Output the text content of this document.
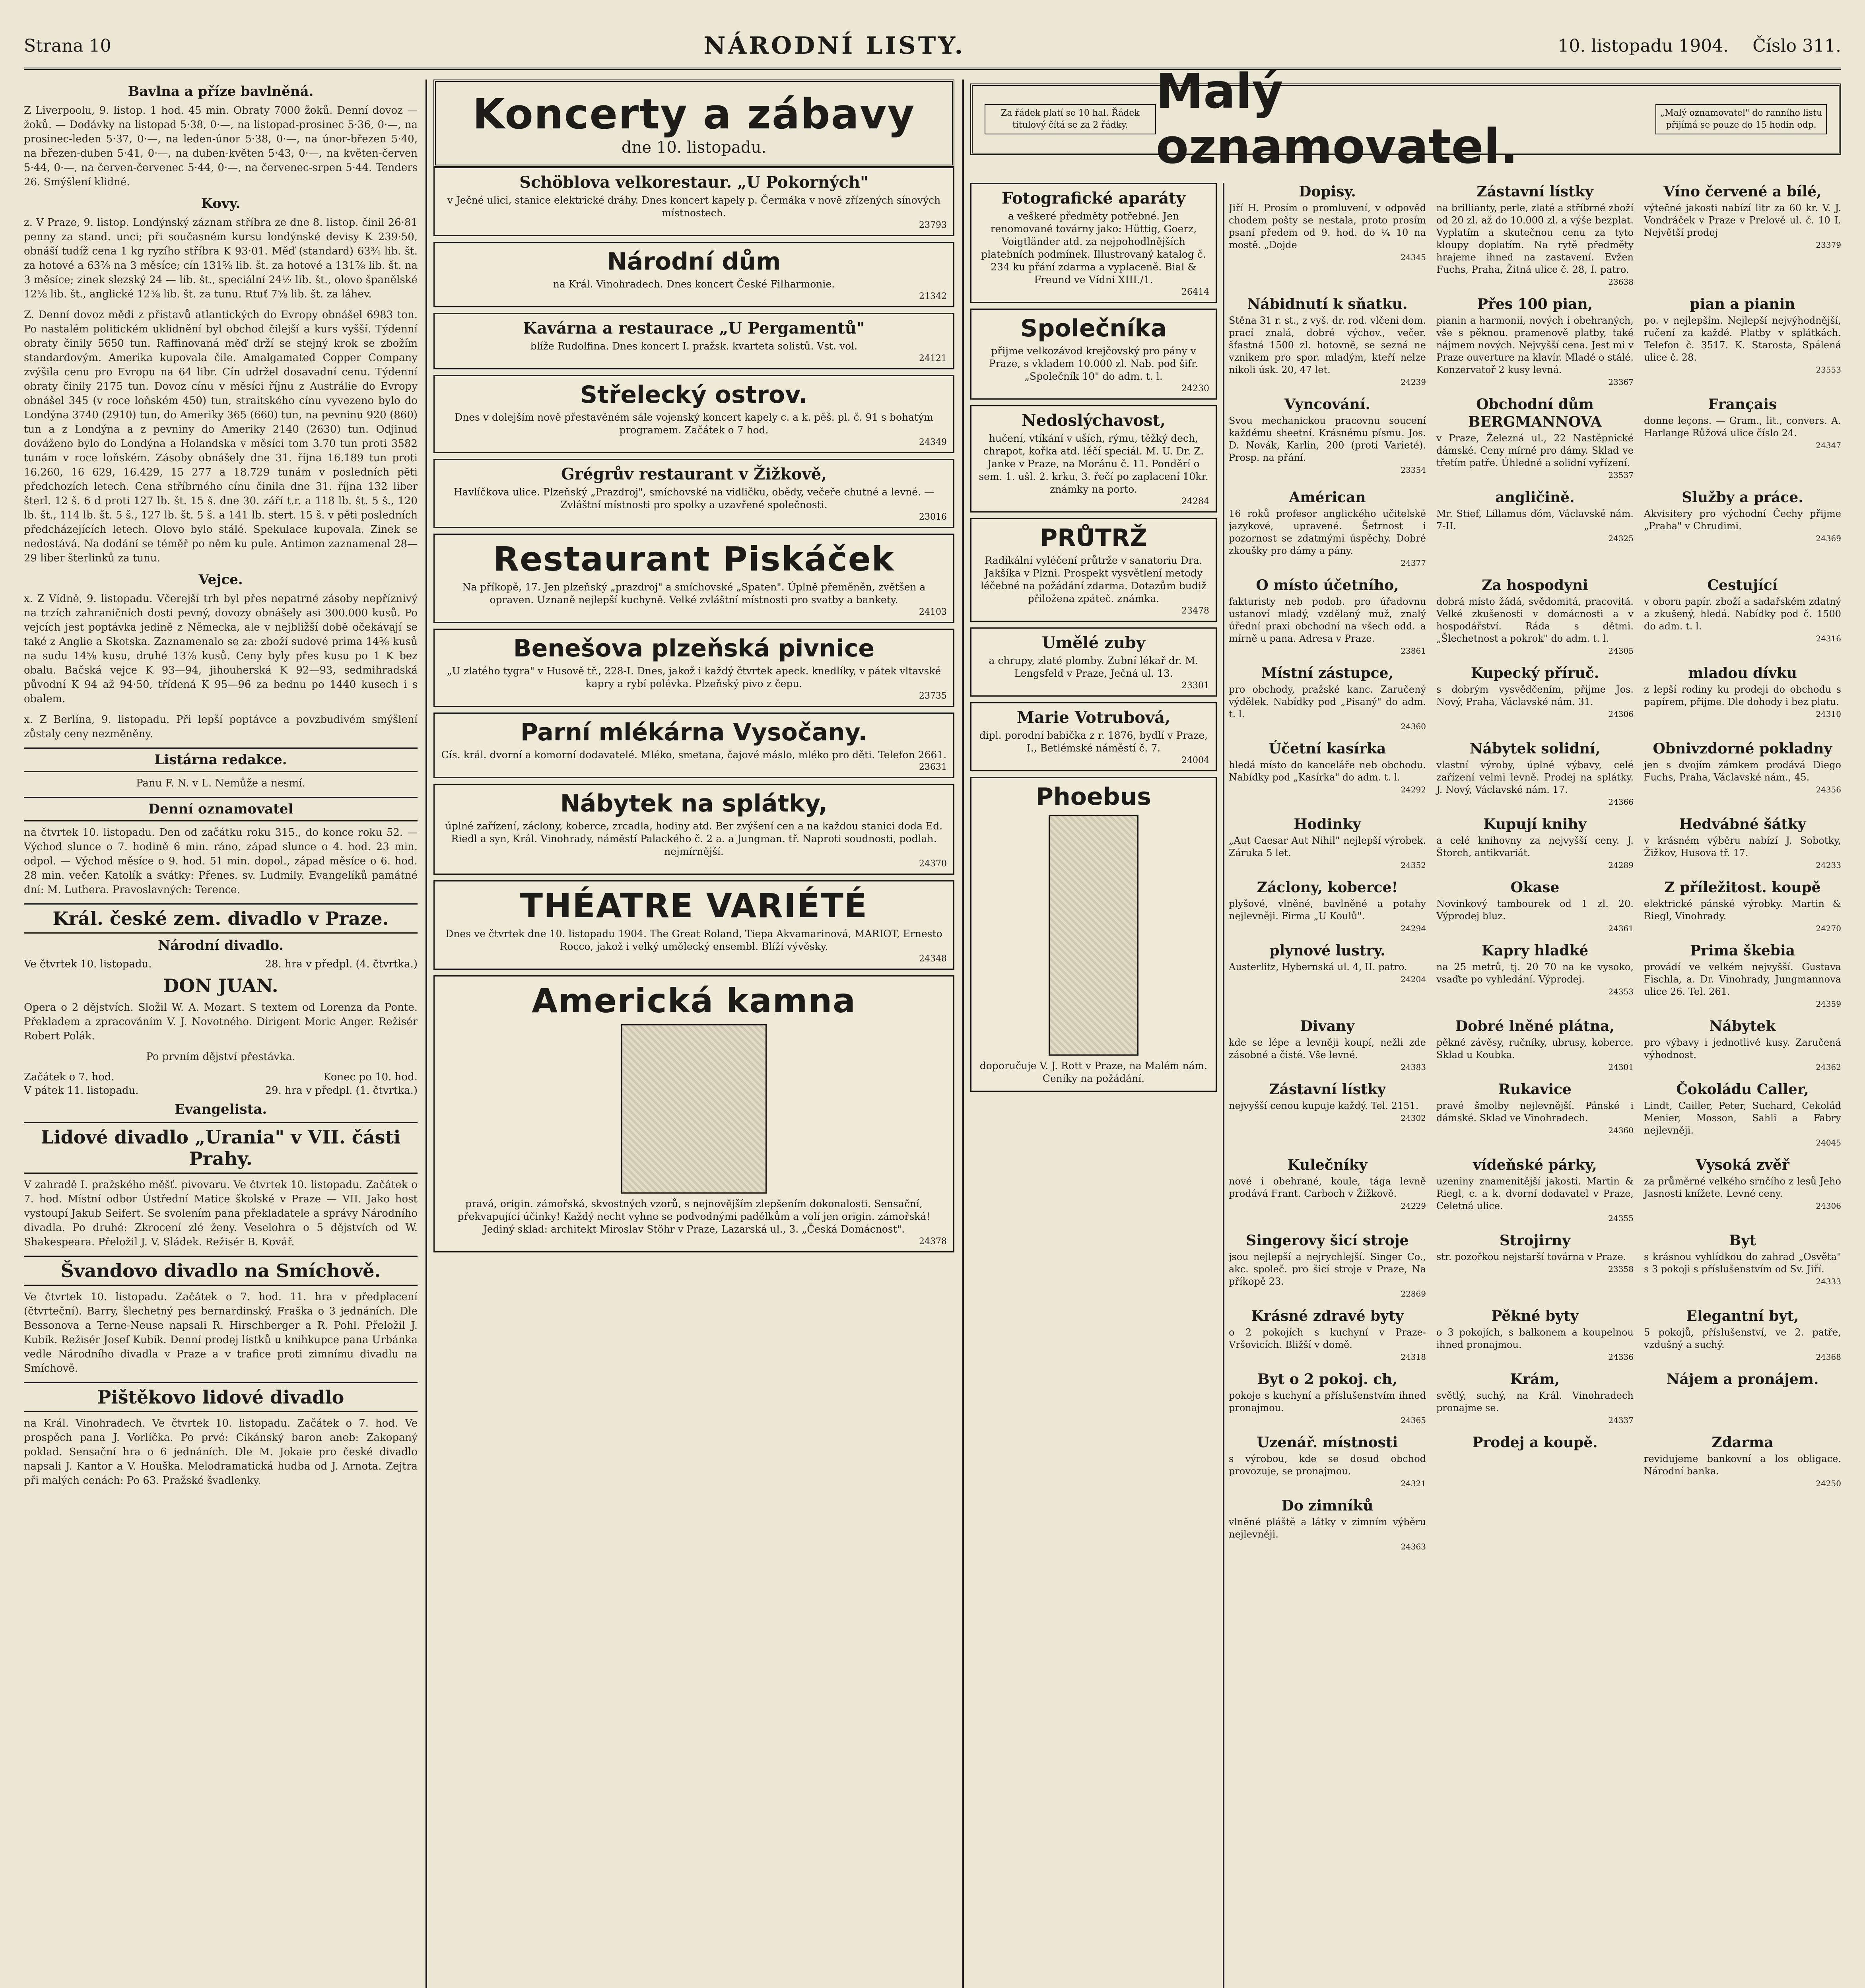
Strana 10	NÁRODNÍ LISTY.	10. listopadu 1904. Číslo 311.
Bavlna a příze bavlněná.

Z Liverpoolu, 9. listop. 1 hod. 45 min. Obraty 7000 žoků. Denní dovoz — žoků. — Dodávky na listopad 5·38, 0·—, na listopad-prosinec 5·36, 0·—, na prosinec-leden 5·37, 0·—, na leden-únor 5·38, 0·—, na únor-březen 5·40, na březen-duben 5·41, 0·—, na duben-květen 5·43, 0·—, na květen-červen 5·44, 0·—, na červen-červenec 5·44, 0·—, na červenec-srpen 5·44. Tenders 26. Smýšlení klidné.

Kovy.

z. V Praze, 9. listop. Londýnský záznam stříbra ze dne 8. listop. činil 26·81 penny za stand. unci; při současném kursu londýnské devisy K 239·50, obnáší tudíž cena 1 kg ryzího stříbra K 93·01. Měď (standard) 63¾ lib. št. za hotové a 63⅞ na 3 měsíce; cín 131⅝ lib. št. za hotové a 131⅞ lib. št. na 3 měsíce; zinek slezský 24 — lib. št., speciální 24½ lib. št., olovo španělské 12⅛ lib. št., anglické 12⅜ lib. št. za tunu. Rtuť 7⅝ lib. št. za láhev.

Z. Denní dovoz mědi z přístavů atlantických do Evropy obnášel 6983 ton. Po nastalém politickém uklidnění byl obchod čilejší a kurs vyšší. Týdenní obraty činily 5650 tun. Raffinovaná měď drží se stejný krok se zbožím standardovým. Amerika kupovala čile. Amalgamated Copper Company zvýšila cenu pro Evropu na 64 libr. Cín udržel dosavadní cenu. Týdenní obraty činily 2175 tun. Dovoz cínu v měsíci říjnu z Austrálie do Evropy obnášel 345 (v roce loňském 450) tun, straitského cínu vyvezeno bylo do Londýna 3740 (2910) tun, do Ameriky 365 (660) tun, na pevninu 920 (860) tun a z Londýna a z pevniny do Ameriky 2140 (2630) tun. Odjinud dováženo bylo do Londýna a Holandska v měsíci tom 3.70 tun proti 3582 tunám v roce loňském. Zásoby obnášely dne 31. října 16.189 tun proti 16.260, 16 629, 16.429, 15 277 a 18.729 tunám v posledních pěti předchozích letech. Cena stříbrného cínu činila dne 31. října 132 liber šterl. 12 š. 6 d proti 127 lb. št. 15 š. dne 30. září t.r. a 118 lb. št. 5 š., 120 lb. št., 114 lb. št. 5 š., 127 lb. št. 5 š. a 141 lb. stert. 15 š. v pěti posledních předcházejících letech. Olovo bylo stálé. Spekulace kupovala. Zinek se nedostává. Na dodání se téměř po něm ku pule. Antimon zaznamenal 28—29 liber šterlinků za tunu.

Vejce.

x. Z Vídně, 9. listopadu. Včerejší trh byl přes nepatrné zásoby nepříznivý na trzích zahraničních dosti pevný, dovozy obnášely asi 300.000 kusů. Po vejcích jest poptávka jedině z Německa, ale v nejbližší době očekávají se také z Anglie a Skotska. Zaznamenalo se za: zboží sudové prima 14⅝ kusů na sudu 14⅝ kusu, druhé 13⅞ kusů. Ceny byly přes kusu po 1 K bez obalu. Bačská vejce K 93—94, jihouherská K 92—93, sedmihradská původní K 94 až 94·50, třídená K 95—96 za bednu po 1440 kusech i s obalem.

x. Z Berlína, 9. listopadu. Při lepší poptávce a povzbudivém smýšlení zůstaly ceny nezměněny.

Listárna redakce.

Panu F. N. v L. Nemůže a nesmí.

Denní oznamovatel

na čtvrtek 10. listopadu. Den od začátku roku 315., do konce roku 52. — Východ slunce o 7. hodině 6 min. ráno, západ slunce o 4. hod. 23 min. odpol. — Východ měsíce o 9. hod. 51 min. dopol., západ měsíce o 6. hod. 28 min. večer. Katolík a svátky: Přenes. sv. Ludmily. Evangelíků památné dní: M. Luthera. Pravoslavných: Terence.

Král. české zem. divadlo v Praze.
Národní divadlo.
Ve čtvrtek 10. listopadu.	28. hra v předpl. (4. čtvrtka.)
DON JUAN.

Opera o 2 dějstvích. Složil W. A. Mozart. S textem od Lorenza da Ponte. Překladem a zpracováním V. J. Novotného. Dirigent Moric Anger. Režisér Robert Polák.

Po prvním dějství přestávka.

Začátek o 7. hod.	Konec po 10. hod.
V pátek 11. listopadu.	29. hra v předpl. (1. čtvrtka.)
Evangelista.
Lidové divadlo „Urania" v VII. části Prahy.

V zahradě I. pražského měšť. pivovaru. Ve čtvrtek 10. listopadu. Začátek o 7. hod. Místní odbor Ústřední Matice školské v Praze — VII. Jako host vystoupí Jakub Seifert. Se svolením pana překladatele a správy Národního divadla. Po druhé: Zkrocení zlé ženy. Veselohra o 5 dějstvích od W. Shakespeara. Přeložil J. V. Sládek. Režisér B. Kovář.

Švandovo divadlo na Smíchově.

Ve čtvrtek 10. listopadu. Začátek o 7. hod. 11. hra v předplacení (čtvrteční). Barry, šlechetný pes bernardinský. Fraška o 3 jednáních. Dle Bessonova a Terne-Neuse napsali R. Hirschberger a R. Pohl. Přeložil J. Kubík. Režisér Josef Kubík. Denní prodej lístků u knihkupce pana Urbánka vedle Národního divadla v Praze a v trafice proti zimnímu divadlu na Smíchově.

Pištěkovo lidové divadlo

na Král. Vinohradech. Ve čtvrtek 10. listopadu. Začátek o 7. hod. Ve prospěch pana J. Vorlíčka. Po prvé: Cikánský baron aneb: Zakopaný poklad. Sensační hra o 6 jednáních. Dle M. Jokaie pro české divadlo napsali J. Kantor a V. Houška. Melodramatická hudba od J. Arnota. Zejtra při malých cenách: Po 63. Pražské švadlenky.

Koncerty a zábavy
dne 10. listopadu.
Schöblova velkorestaur. „U Pokorných"

v Ječné ulici, stanice elektrické dráhy. Dnes koncert kapely p. Čermáka v nově zřízených sínových místnostech.

23793
Národní dům

na Král. Vinohradech. Dnes koncert České Filharmonie.

21342
Kavárna a restaurace „U Pergamentů"

blíže Rudolfina. Dnes koncert I. pražsk. kvarteta solistů. Vst. vol.

24121
Střelecký ostrov.

Dnes v dolejším nově přestavěném sále vojenský koncert kapely c. a k. pěš. pl. č. 91 s bohatým programem. Začátek o 7 hod.

24349
Grégrův restaurant v Žižkově,

Havlíčkova ulice. Plzeňský „Prazdroj", smíchovské na vidličku, obědy, večeře chutné a levné. — Zvláštní místnosti pro spolky a uzavřené společnosti.

23016
Restaurant Piskáček

Na příkopě, 17. Jen plzeňský „prazdroj" a smíchovské „Spaten". Úplně přeměněn, zvětšen a opraven. Uznaně nejlepší kuchyně. Velké zvláštní místnosti pro svatby a bankety.

24103
Benešova plzeňská pivnice

„U zlatého tygra" v Husově tř., 228-I. Dnes, jakož i každý čtvrtek apeck. knedlíky, v pátek vltavské kapry a rybí polévka. Plzeňský pivo z čepu.

23735
Parní mlékárna Vysočany.

Cís. král. dvorní a komorní dodavatelé. Mléko, smetana, čajové máslo, mléko pro děti. Telefon 2661.

23631
Nábytek na splátky,

úplné zařízení, záclony, koberce, zrcadla, hodiny atd. Ber zvýšení cen a na každou stanici doda Ed. Riedl a syn, Král. Vinohrady, náměstí Palackého č. 2 a. a Jungman. tř. Naproti soudnosti, podlah. nejmírnější.

24370
THÉATRE VARIÉTÉ

Dnes ve čtvrtek dne 10. listopadu 1904. The Great Roland, Tiepa Akvamarinová, MARIOT, Ernesto Rocco, jakož i velký umělecký ensembl. Blíží vývěsky.

24348
Americká kamna

pravá, origin. zámořská, skvostných vzorů, s nejnovějším zlepšením dokonalosti. Sensační, překvapující účinky! Každý necht vyhne se podvodnými padělkům a volí jen origin. zámořská! Jediný sklad: architekt Miroslav Stöhr v Praze, Lazarská ul., 3. „Česká Domácnost".

24378
Fotografické aparáty

a veškeré předměty potřebné. Jen renomované továrny jako: Hüttig, Goerz, Voigtländer atd. za nejpohodlnějších platebních podmínek. Illustrovaný katalog č. 234 ku přání zdarma a vyplaceně. Bial & Freund ve Vídni XIII./1.

26414
Společníka

přijme velkozávod krejčovský pro pány v Praze, s vkladem 10.000 zl. Nab. pod šifr. „Společník 10" do adm. t. l.

24230
Nedoslýchavost,

hučení, vtíkání v uších, rýmu, těžký dech, chrapot, kořka atd. léčí speciál. M. U. Dr. Z. Janke v Praze, na Moránu č. 11. Ponděrí o sem. 1. ušl. 2. krku, 3. řečí po zaplacení 10kr. známky na porto.

24284
PRŮTRŽ

Radikální vyléčení průtrže v sanatoriu Dra. Jakšíka v Plzni. Prospekt vysvětlení metody léčebné na požádání zdarma. Dotazům budiž přiložena zpáteč. známka.

23478
Umělé zuby

a chrupy, zlaté plomby. Zubní lékař dr. M. Lengsfeld v Praze, Ječná ul. 13.

23301
Marie Votrubová,

dipl. porodní babička z r. 1876, bydlí v Praze, I., Betlémské náměstí č. 7.

24004
Phoebus

doporučuje V. J. Rott v Praze, na Malém nám. Ceníky na požádání.

Za řádek platí se 10 hal. Řádek titulový čítá se za 2 řádky.
Malý oznamovatel.
„Malý oznamovatel" do ranního listu přijímá se pouze do 15 hodin odp.
Dopisy.
Jiří H. Prosím o promluvení, v odpověd chodem pošty se nestala, proto prosím psaní předem od 9. hod. do ¼ 10 na mostě. „Dojde
24345
Zástavní lístky
na brillianty, perle, zlaté a stříbrné zboží od 20 zl. až do 10.000 zl. a výše bezplat. Vyplatím a skutečnou cenu za tyto kloupy doplatím. Na rytě předměty hrajeme ihned na zastavení. Evžen Fuchs, Praha, Žitná ulice č. 28, I. patro.
23638
Víno červené a bílé,
výtečné jakosti nabízí litr za 60 kr. V. J. Vondráček v Praze v Prelově ul. č. 10 I. Největší prodej
23379
Nábidnutí k sňatku.
Stěna 31 r. st., z vyš. dr. rod. vlčeni dom. prací znalá, dobré výchov., večer. šťastná 1500 zl. hotovně, se sezná ne vznikem pro spor. mladým, kteří nelze nikoli úsk. 20, 47 let.
24239
Přes 100 pian,
pianin a harmonií, nových i obehraných, vše s pěknou. pramenově platby, také nájmem nových. Nejvyšší cena. Jest mi v Praze ouverture na klavír. Mladé o stálé. Konzervatoř 2 kusy levná.
23367
pian a pianin
po. v nejlepším. Nejlepší nejvýhodnější, ručení za každé. Platby v splátkách. Telefon č. 3517. K. Starosta, Spálená ulice č. 28.
23553
Vyncování.
Svou mechanickou pracovnu soucení každému sheetní. Krásnému písmu. Jos. D. Novák, Karlin, 200 (proti Varieté). Prosp. na přání.
23354
Obchodní dům BERGMANNOVA
v Praze, Železná ul., 22 Nastěpnické dámské. Ceny mírné pro dámy. Sklad ve třetím patře. Úhledné a solidní vyřízení.
23537
Français
donne leçons. — Gram., lit., convers. A. Harlange Růžová ulice číslo 24.
24347
Américan
16 roků profesor anglického učitelské jazykové, upravené. Šetrnost i pozornost se zdatmými úspěchy. Dobré zkoušky pro dámy a pány.
24377
angličině.
Mr. Stief, Lillamus ďóm, Václavské nám. 7-II.
24325
Služby a práce.
Akvisitery pro východní Čechy přijme „Praha" v Chrudimi.
24369
O místo účetního,
fakturisty neb podob. pro úřadovnu ustanoví mladý, vzdělaný muž, znalý úřední praxi obchodní na všech odd. a mírně u pana. Adresa v Praze.
23861
Za hospodyni
dobrá místo žádá, svědomitá, pracovitá. Velké zkušenosti v domácnosti a v hospodářství. Ráda s dětmi. „Šlechetnost a pokrok" do adm. t. l.
24305
Cestující
v oboru papír. zboží a sadařském zdatný a zkušený, hledá. Nabídky pod č. 1500 do adm. t. l.
24316
Místní zástupce,
pro obchody, pražské kanc. Zaručený výdělek. Nabídky pod „Pisaný" do adm. t. l.
24360
Kupecký příruč.
s dobrým vysvědčením, přijme Jos. Nový, Praha, Václavské nám. 31.
24306
mladou dívku
z lepší rodiny ku prodeji do obchodu s papírem, přijme. Dle dohody i bez platu.
24310
Účetní kasírka
hledá místo do kanceláře neb obchodu. Nabídky pod „Kasírka" do adm. t. l.
24292
Nábytek solidní,
vlastní výroby, úplné výbavy, celé zařízení velmi levně. Prodej na splátky. J. Nový, Václavské nám. 17.
24366
Obnivzdorné pokladny
jen s dvojím zámkem prodává Diego Fuchs, Praha, Václavské nám., 45.
24356
Hodinky
„Aut Caesar Aut Nihil" nejlepší výrobek. Záruka 5 let.
24352
Kupují knihy
a celé knihovny za nejvyšší ceny. J. Štorch, antikvariát.
24289
Hedvábné šátky
v krásném výběru nabízí J. Sobotky, Žižkov, Husova tř. 17.
24233
Záclony, koberce!
plyšové, vlněné, bavlněné a potahy nejlevněji. Firma „U Koulů".
24294
Okase
Novinkový tambourek od 1 zl. 20. Výprodej bluz.
24361
Z příležitost. koupě
elektrické pánské výrobky. Martin & Riegl, Vinohrady.
24270
plynové lustry.
Austerlitz, Hybernská ul. 4, II. patro.
24204
Kapry hladké
na 25 metrů, tj. 20 70 na ke vysoko, vsaďte po vyhledání. Výprodej.
24353
Prima škebia
provádí ve velkém nejvyšší. Gustava Fischla, a. Dr. Vinohrady, Jungmannova ulice 26. Tel. 261.
24359
Divany
kde se lépe a levněji koupí, nežli zde zásobné a čisté. Vše levné.
24383
Dobré lněné plátna,
pěkné závěsy, ručníky, ubrusy, koberce. Sklad u Koubka.
24301
Nábytek
pro výbavy i jednotlivé kusy. Zaručená výhodnost.
24362
Zástavní lístky
nejvyšší cenou kupuje každý. Tel. 2151.
24302
Rukavice
pravé šmolby nejlevnější. Pánské i dámské. Sklad ve Vinohradech.
24360
Čokoládu Caller,
Lindt, Cailler, Peter, Suchard, Cekolád Menier, Mosson, Sahli a Fabry nejlevněji.
24045
Kulečníky
nové i obehrané, koule, tága levně prodává Frant. Carboch v Žižkově.
24229
vídeňské párky,
uzeniny znamenitější jakosti. Martin & Riegl, c. a k. dvorní dodavatel v Praze, Celetná ulice.
24355
Vysoká zvěř
za průměrné velkého srnčího z lesů Jeho Jasnosti knížete. Levné ceny.
24306
Singerovy šicí stroje
jsou nejlepší a nejrychlejší. Singer Co., akc. společ. pro šicí stroje v Praze, Na příkopě 23.
22869
Strojirny
str. pozořkou nejstarší továrna v Praze.
23358
Byt
s krásnou vyhlídkou do zahrad „Osvěta" s 3 pokoji s příslušenstvím od Sv. Jiří.
24333
Krásné zdravé byty
o 2 pokojích s kuchyní v Praze-Vršovicích. Bližší v domě.
24318
Pěkné byty
o 3 pokojích, s balkonem a koupelnou ihned pronajmou.
24336
Elegantní byt,
5 pokojů, příslušenství, ve 2. patře, vzdušný a suchý.
24368
Byt o 2 pokoj. ch,
pokoje s kuchyní a příslušenstvím ihned pronajmou.
24365
Krám,
světlý, suchý, na Král. Vinohradech pronajme se.
24337
Nájem a pronájem.
Uzenář. místnosti
s výrobou, kde se dosud obchod provozuje, se pronajmou.
24321
Prodej a koupě.	Zdarma
revidujeme bankovní a los obligace. Národní banka.
24250
Do zimníků
vlněné pláště a látky v zimním výběru nejlevněji.
24363
